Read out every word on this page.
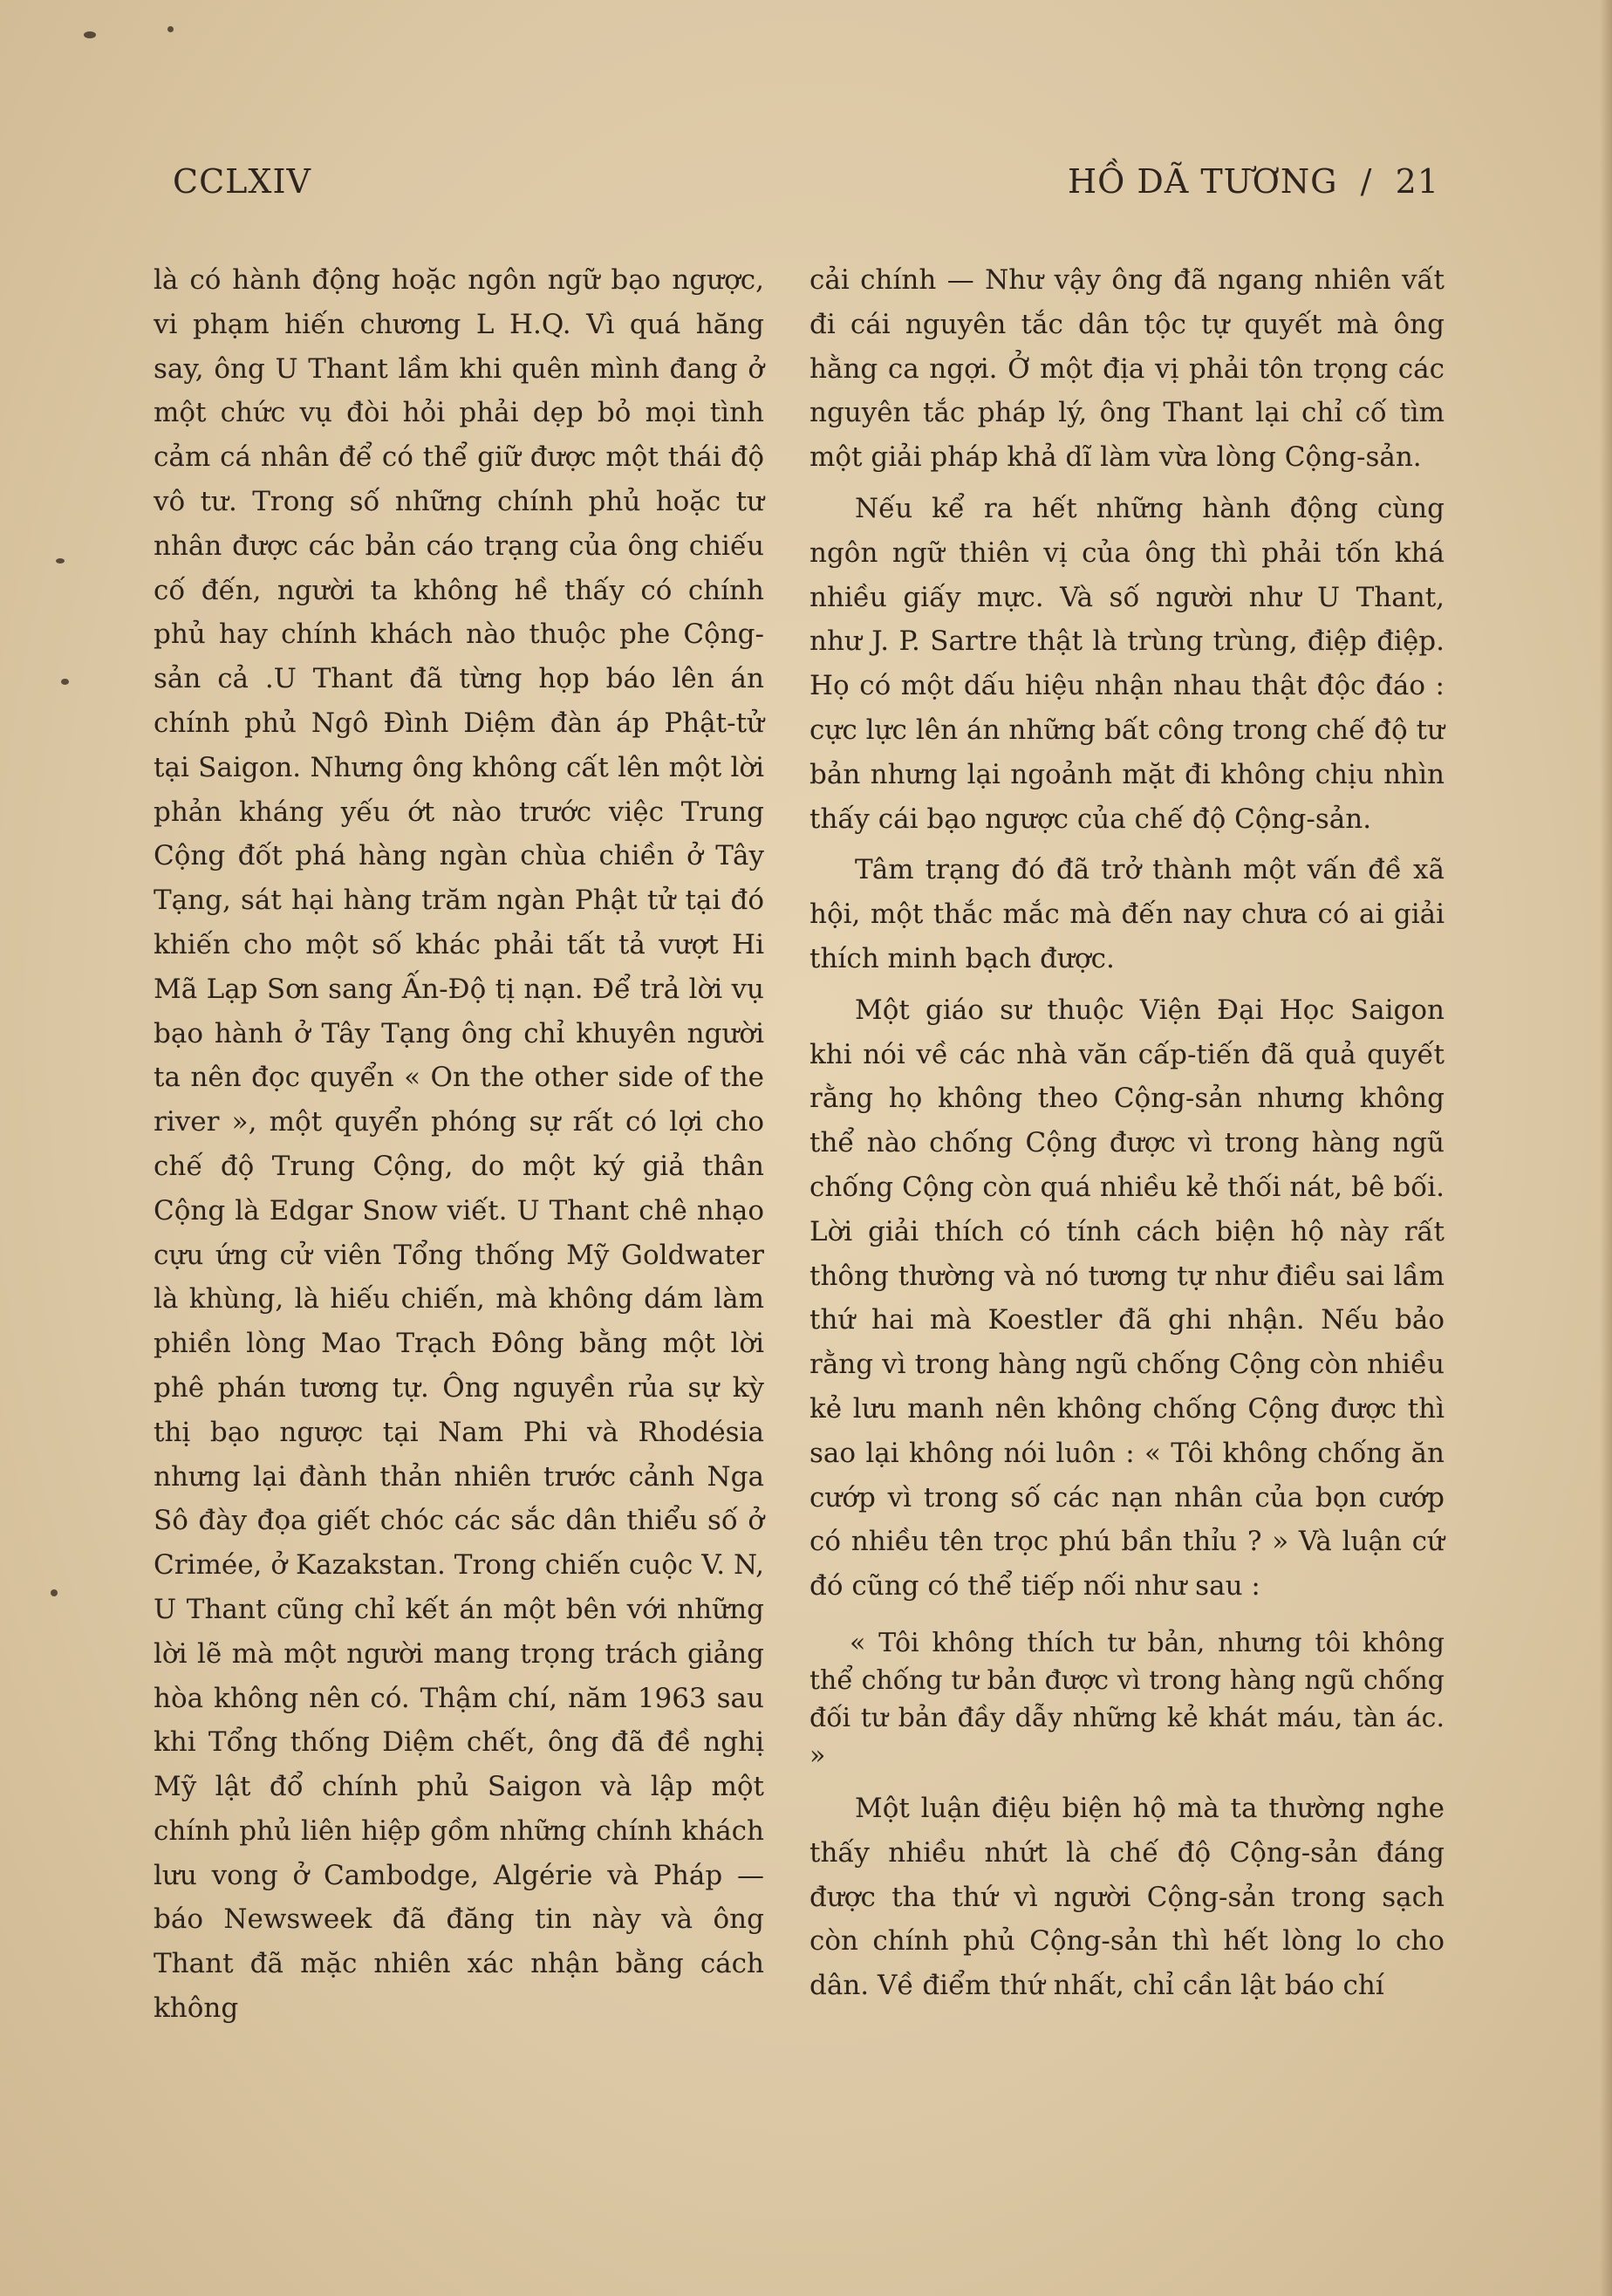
CCLXIV	HỒ DÃ TƯƠNG  /  21

là có hành động hoặc ngôn ngữ bạo ngược, vi phạm hiến chương L H.Q. Vì quá hăng say, ông U Thant lầm khi quên mình đang ở một chức vụ đòi hỏi phải dẹp bỏ mọi tình cảm cá nhân để có thể giữ được một thái độ vô tư. Trong số những chính phủ hoặc tư nhân được các bản cáo trạng của ông chiếu cố đến, người ta không hề thấy có chính phủ hay chính khách nào thuộc phe Cộng-sản cả .U Thant đã từng họp báo lên án chính phủ Ngô Đình Diệm đàn áp Phật-tử tại Saigon. Nhưng ông không cất lên một lời phản kháng yếu ớt nào trước việc Trung Cộng đốt phá hàng ngàn chùa chiền ở Tây Tạng, sát hại hàng trăm ngàn Phật tử tại đó khiến cho một số khác phải tất tả vượt Hi Mã Lạp Sơn sang Ấn-Độ tị nạn. Để trả lời vụ bạo hành ở Tây Tạng ông chỉ khuyên người ta nên đọc quyển « On the other side of the river », một quyển phóng sự rất có lợi cho chế độ Trung Cộng, do một ký giả thân Cộng là Edgar Snow viết. U Thant chê nhạo cựu ứng cử viên Tổng thống Mỹ Goldwater là khùng, là hiếu chiến, mà không dám làm phiền lòng Mao Trạch Đông bằng một lời phê phán tương tự. Ông nguyền rủa sự kỳ thị bạo ngược tại Nam Phi và Rhodésia nhưng lại đành thản nhiên trước cảnh Nga Sô đày đọa giết chóc các sắc dân thiểu số ở Crimée, ở Kazakstan. Trong chiến cuộc V. N, U Thant cũng chỉ kết án một bên với những lời lẽ mà một người mang trọng trách giảng hòa không nên có. Thậm chí, năm 1963 sau khi Tổng thống Diệm chết, ông đã đề nghị Mỹ lật đổ chính phủ Saigon và lập một chính phủ liên hiệp gồm những chính khách lưu vong ở Cambodge, Algérie và Pháp — báo Newsweek đã đăng tin này và ông Thant đã mặc nhiên xác nhận bằng cách không

cải chính — Như vậy ông đã ngang nhiên vất đi cái nguyên tắc dân tộc tự quyết mà ông hằng ca ngợi. Ở một địa vị phải tôn trọng các nguyên tắc pháp lý, ông Thant lại chỉ cố tìm một giải pháp khả dĩ làm vừa lòng Cộng-sản.

Nếu kể ra hết những hành động cùng ngôn ngữ thiên vị của ông thì phải tốn khá nhiều giấy mực. Và số người như U Thant, như J. P. Sartre thật là trùng trùng, điệp điệp. Họ có một dấu hiệu nhận nhau thật độc đáo : cực lực lên án những bất công trong chế độ tư bản nhưng lại ngoảnh mặt đi không chịu nhìn thấy cái bạo ngược của chế độ Cộng-sản.

Tâm trạng đó đã trở thành một vấn đề xã hội, một thắc mắc mà đến nay chưa có ai giải thích minh bạch được.

Một giáo sư thuộc Viện Đại Học Saigon khi nói về các nhà văn cấp-tiến đã quả quyết rằng họ không theo Cộng-sản nhưng không thể nào chống Cộng được vì trong hàng ngũ chống Cộng còn quá nhiều kẻ thối nát, bê bối. Lời giải thích có tính cách biện hộ này rất thông thường và nó tương tự như điều sai lầm thứ hai mà Koestler đã ghi nhận. Nếu bảo rằng vì trong hàng ngũ chống Cộng còn nhiều kẻ lưu manh nên không chống Cộng được thì sao lại không nói luôn : « Tôi không chống ăn cướp vì trong số các nạn nhân của bọn cướp có nhiều tên trọc phú bần thỉu ? » Và luận cứ đó cũng có thể tiếp nối như sau :

« Tôi không thích tư bản, nhưng tôi không thể chống tư bản được vì trong hàng ngũ chống đối tư bản đầy dẫy những kẻ khát máu, tàn ác. »

Một luận điệu biện hộ mà ta thường nghe thấy nhiều nhứt là chế độ Cộng-sản đáng được tha thứ vì người Cộng-sản trong sạch còn chính phủ Cộng-sản thì hết lòng lo cho dân. Về điểm thứ nhất, chỉ cần lật báo chí
